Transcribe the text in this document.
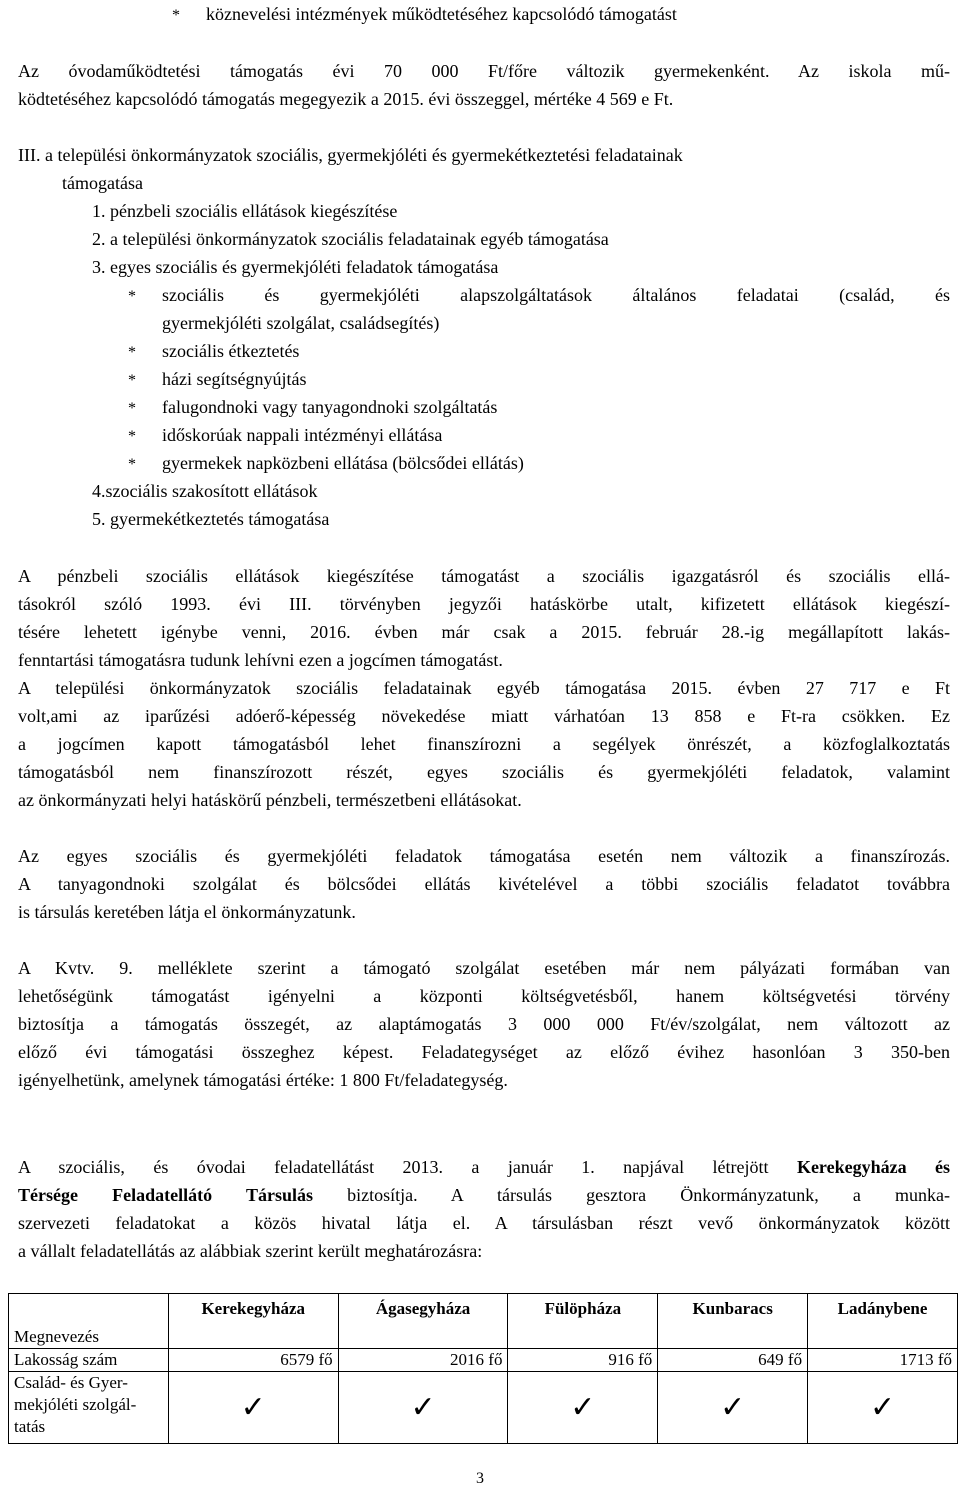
* köznevelési intézmények működtetéséhez kapcsolódó támogatást
Az óvodaműködtetési támogatás évi 70 000 Ft/főre változik gyermekenként. Az iskola mű-
ködtetéséhez kapcsolódó támogatás megegyezik a 2015. évi összeggel, mértéke 4 569 e Ft.
III. a települési önkormányzatok szociális, gyermekjóléti és gyermekétkeztetési feladatainak
támogatása
1. pénzbeli szociális ellátások kiegészítése
2. a települési önkormányzatok szociális feladatainak egyéb támogatása
3. egyes szociális és gyermekjóléti feladatok támogatása
* szociális és gyermekjóléti alapszolgáltatások általános feladatai (család, és
gyermekjóléti szolgálat, családsegítés)
* szociális étkeztetés
* házi segítségnyújtás
* falugondnoki vagy tanyagondnoki szolgáltatás
* időskorúak nappali intézményi ellátása
* gyermekek napközbeni ellátása (bölcsődei ellátás)
4.szociális szakosított ellátások
5. gyermekétkeztetés támogatása
A pénzbeli szociális ellátások kiegészítése támogatást a szociális igazgatásról és szociális ellá-
tásokról szóló 1993. évi III. törvényben jegyzői hatáskörbe utalt, kifizetett ellátások kiegészí-
tésére lehetett igénybe venni, 2016. évben már csak a 2015. február 28.-ig megállapított lakás-
fenntartási támogatásra tudunk lehívni ezen a jogcímen támogatást.
A települési önkormányzatok szociális feladatainak egyéb támogatása 2015. évben 27 717 e Ft
volt,ami az iparűzési adóerő-képesség növekedése miatt várhatóan 13 858 e Ft-ra csökken. Ez
a jogcímen kapott támogatásból lehet finanszírozni a segélyek önrészét, a közfoglalkoztatás
támogatásból nem finanszírozott részét, egyes szociális és gyermekjóléti feladatok, valamint
az önkormányzati helyi hatáskörű pénzbeli, természetbeni ellátásokat.
Az egyes szociális és gyermekjóléti feladatok támogatása esetén nem változik a finanszírozás.
A tanyagondnoki szolgálat és bölcsődei ellátás kivételével a többi szociális feladatot továbbra
is társulás keretében látja el önkormányzatunk.
A Kvtv. 9. melléklete szerint a támogató szolgálat esetében már nem pályázati formában van
lehetőségünk támogatást igényelni a központi költségvetésből, hanem költségvetési törvény
biztosítja a támogatás összegét, az alaptámogatás 3 000 000 Ft/év/szolgálat, nem változott az
előző évi támogatási összeghez képest. Feladategységet az előző évihez hasonlóan 3 350-ben
igényelhetünk, amelynek támogatási értéke: 1 800 Ft/feladategység.
A szociális, és óvodai feladatellátást 2013. a január 1. napjával létrejött Kerekegyháza és
Térsége Feladatellátó Társulás biztosítja. A társulás gesztora Önkormányzatunk, a munka-
szervezeti feladatokat a közös hivatal látja el. A társulásban részt vevő önkormányzatok között
a vállalt feladatellátás az alábbiak szerint került meghatározásra:
Megnevezés	Kerekegyháza	Ágasegyháza	Fülöpháza	Kunbaracs	Ladánybene
Lakosság szám	6579 fő	2016 fő	916 fő	649 fő	1713 fő

Család- és Gyer-
mekjóléti szolgál-
tatás	✓	✓	✓	✓	✓
3
